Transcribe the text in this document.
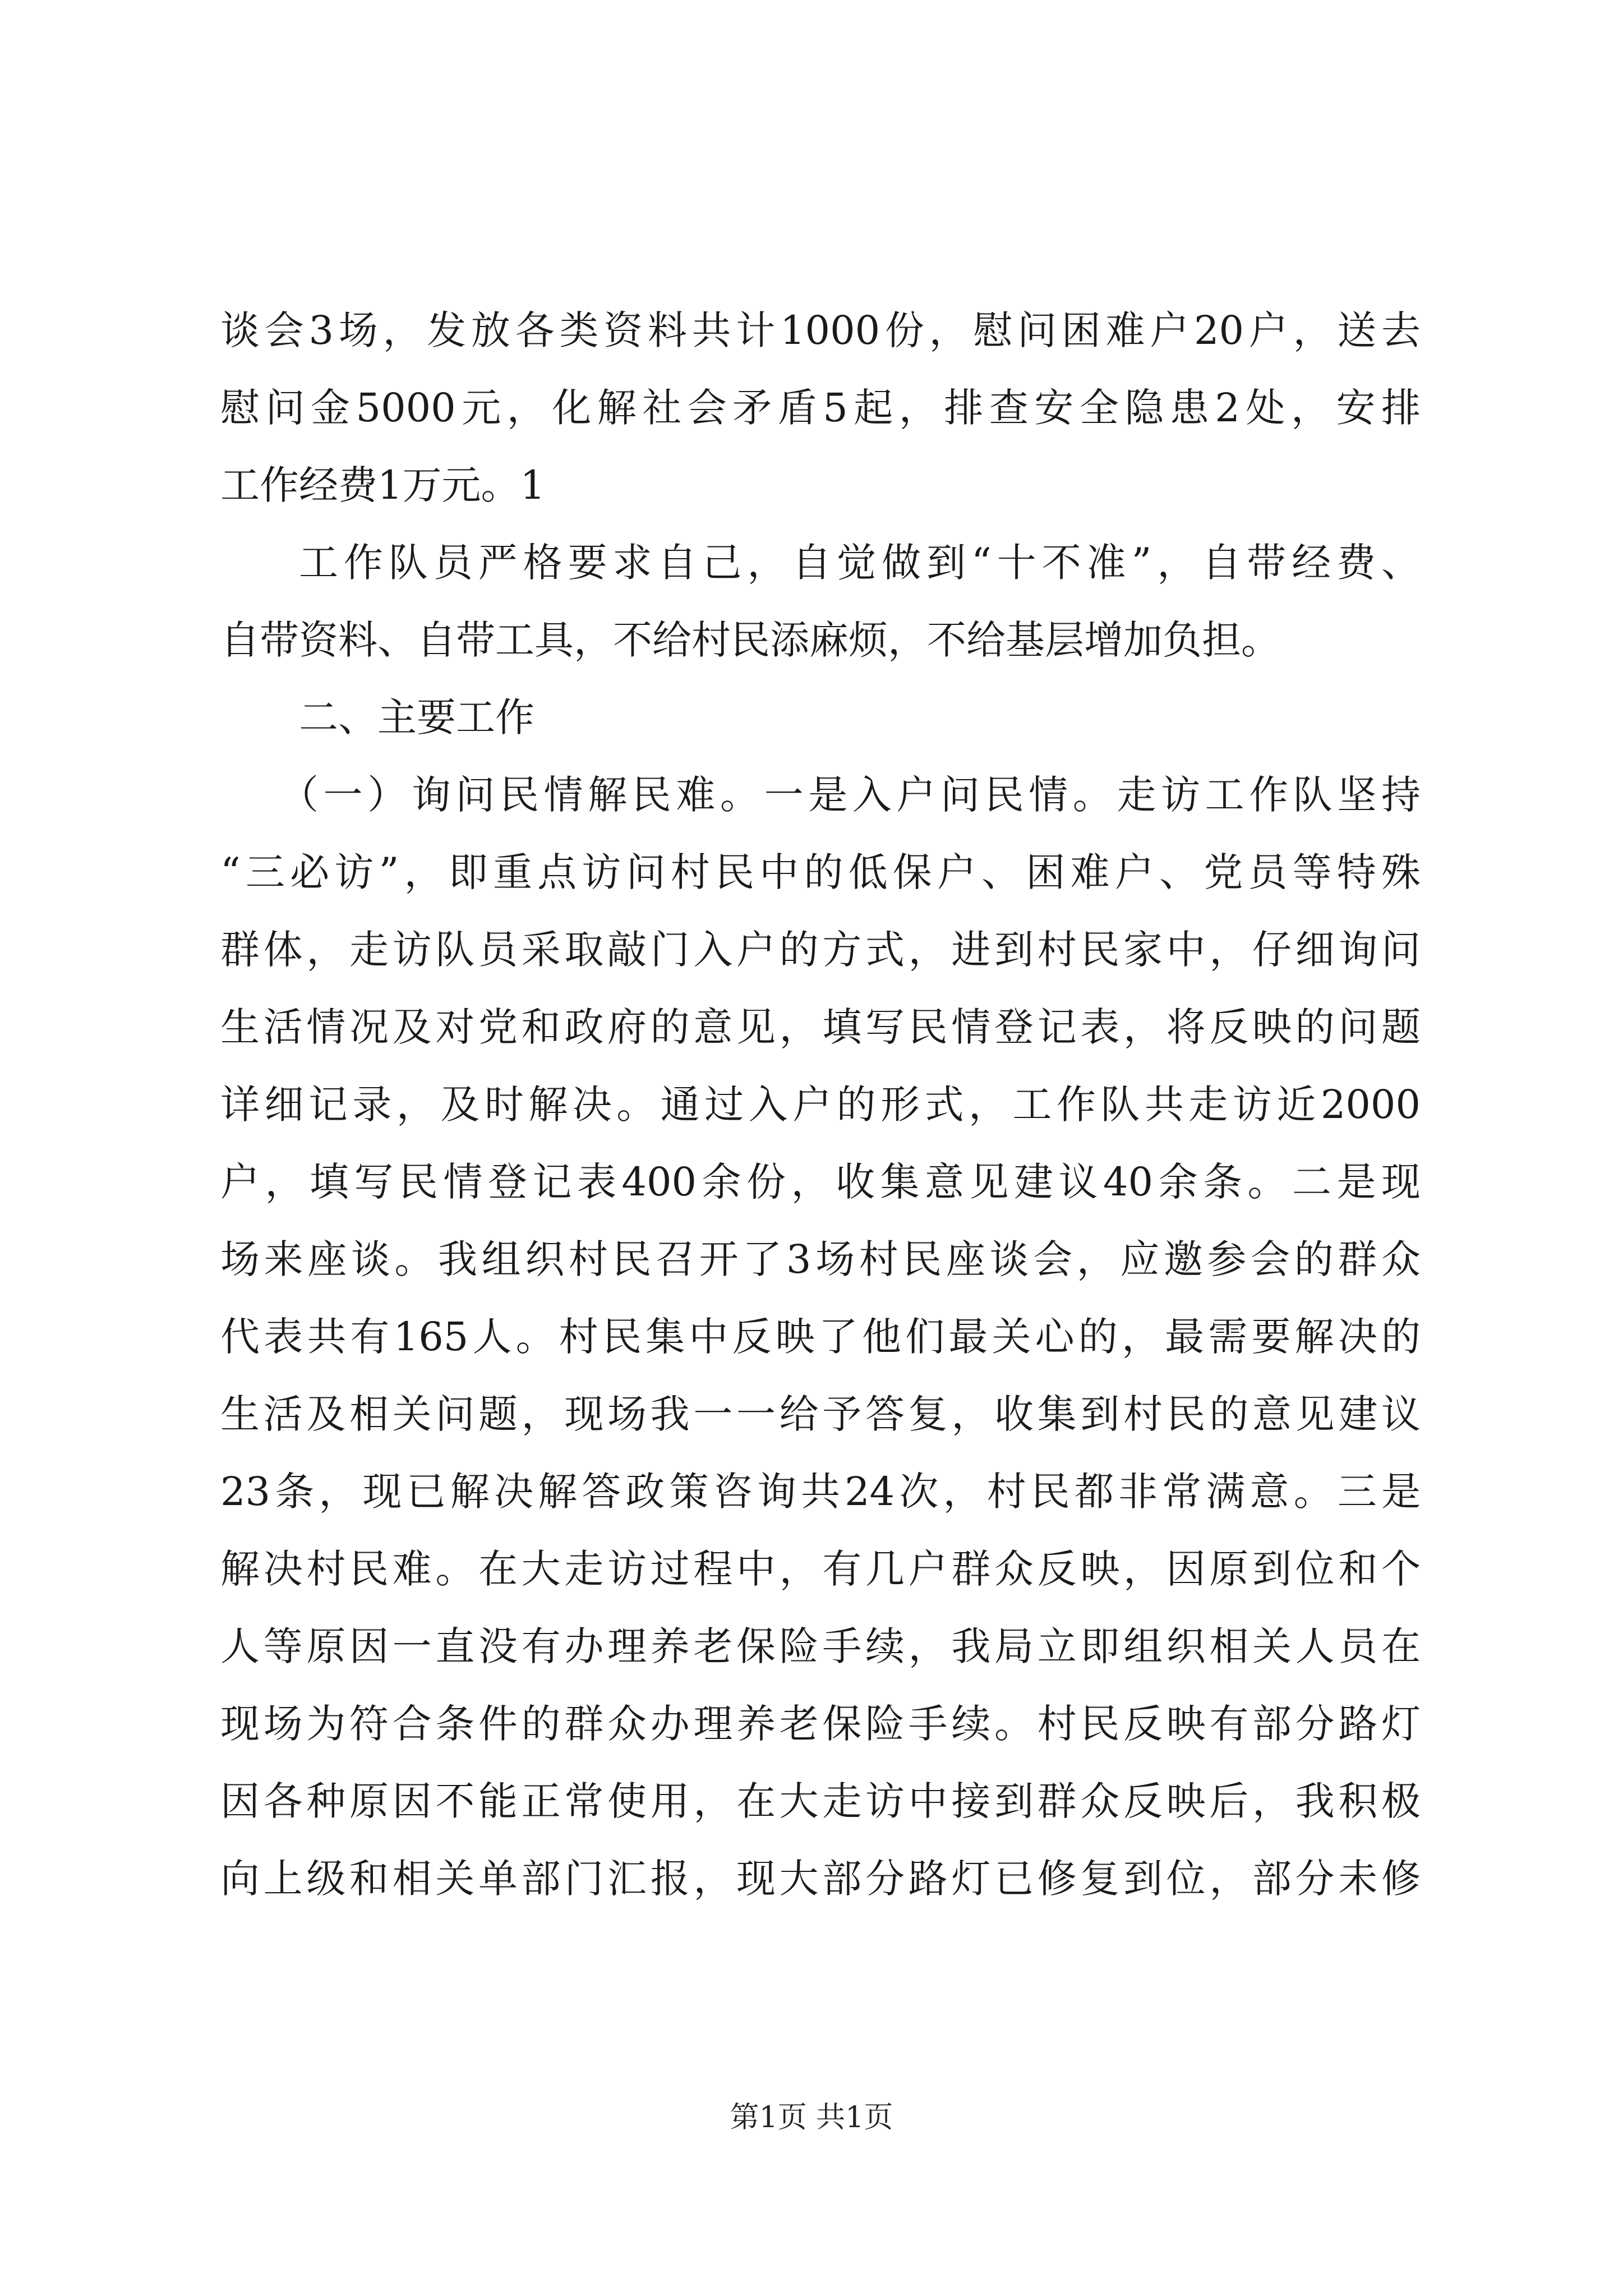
谈会3场，发放各类资料共计1000份，慰问困难户20户，送去
慰问金5000元，化解社会矛盾5起，排查安全隐患2处，安排
工作经费1万元。1
工作队员严格要求自己，自觉做到“十不准”，自带经费、
自带资料、自带工具，不给村民添麻烦，不给基层增加负担。
二、主要工作
（一）询问民情解民难。一是入户问民情。走访工作队坚持
“三必访”，即重点访问村民中的低保户、困难户、党员等特殊
群体，走访队员采取敲门入户的方式，进到村民家中，仔细询问
生活情况及对党和政府的意见，填写民情登记表，将反映的问题
详细记录，及时解决。通过入户的形式，工作队共走访近2000
户，填写民情登记表400余份，收集意见建议40余条。二是现
场来座谈。我组织村民召开了3场村民座谈会，应邀参会的群众
代表共有165人。村民集中反映了他们最关心的，最需要解决的
生活及相关问题，现场我一一给予答复，收集到村民的意见建议
23条，现已解决解答政策咨询共24次，村民都非常满意。三是
解决村民难。在大走访过程中，有几户群众反映，因原到位和个
人等原因一直没有办理养老保险手续，我局立即组织相关人员在
现场为符合条件的群众办理养老保险手续。村民反映有部分路灯
因各种原因不能正常使用，在大走访中接到群众反映后，我积极
向上级和相关单部门汇报，现大部分路灯已修复到位，部分未修
第1页 共1页
